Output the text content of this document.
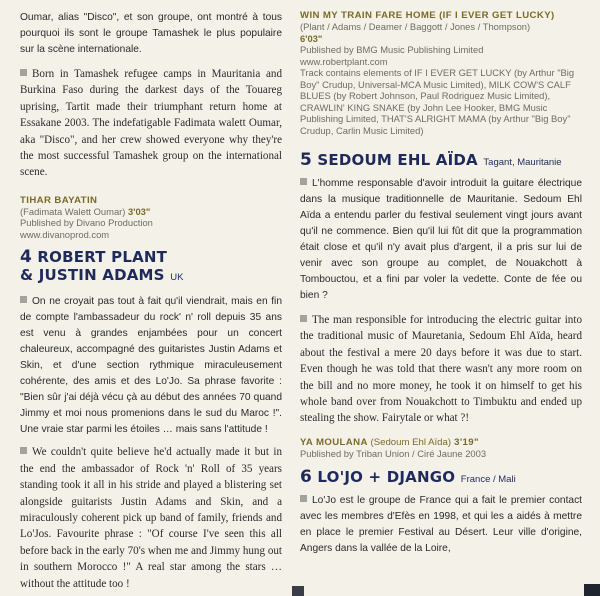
Oumar, alias "Disco", et son groupe, ont montré à tous pourquoi ils sont le groupe Tamashek le plus populaire sur la scène internationale.

Born in Tamashek refugee camps in Mauritania and Burkina Faso during the darkest days of the Touareg uprising, Tartit made their triumphant return home at Essakane 2003. The indefatigable Fadimata walett Oumar, aka "Disco", and her crew showed everyone why they're the most successful Tamashek group on the international scene.

TIHAR BAYATIN

(Fadimata Walett Oumar) 3'03"

Published by Divano Production

www.divanoprod.com

4 ROBERT PLANT

& JUSTIN ADAMS UK

On ne croyait pas tout à fait qu'il viendrait, mais en fin de compte l'ambassadeur du rock' n' roll depuis 35 ans est venu à grandes enjambées pour un concert chaleureux, accompagné des guitaristes Justin Adams et Skin, et d'une section rythmique miraculeusement cohérente, des amis et des Lo'Jo. Sa phrase favorite : "Bien sûr j'ai déjà vécu çà au début des années 70 quand Jimmy et moi nous promenions dans le sud du Maroc !". Une vraie star parmi les étoiles … mais sans l'attitude !

We couldn't quite believe he'd actually made it but in the end the ambassador of Rock 'n' Roll of 35 years standing took it all in his stride and played a blistering set alongside guitarists Justin Adams and Skin, and a miraculously coherent pick up band of family, friends and Lo'Jos. Favourite phrase : "Of course I've seen this all before back in the early 70's when me and Jimmy hung out in southern Morocco !" A real star among the stars … without the attitude too !

WIN MY TRAIN FARE HOME (IF I EVER GET LUCKY)

(Plant / Adams / Deamer / Baggott / Jones / Thompson)

6'03"

Published by BMG Music Publishing Limited

www.robertplant.com

Track contains elements of IF I EVER GET LUCKY (by Arthur "Big Boy" Crudup, Universal-MCA Music Limited), MILK COW'S CALF BLUES (by Robert Johnson, Paul Rodriguez Music Limited), CRAWLIN' KING SNAKE (by John Lee Hooker, BMG Music Publishing Limited, THAT'S ALRIGHT MAMA (by Arthur "Big Boy" Crudup, Carlin Music Limited)

5 SEDOUM EHL AÏDA Tagant, Mauritanie

L'homme responsable d'avoir introduit la guitare électrique dans la musique traditionnelle de Mauritanie. Sedoum Ehl Aïda a entendu parler du festival seulement vingt jours avant qu'il ne commence. Bien qu'il lui fût dit que la programmation était close et qu'il n'y avait plus d'argent, il a pris sur lui de venir avec son groupe au complet, de Nouakchott à Tombouctou, et a fini par voler la vedette. Conte de fée ou bien ?

The man responsible for introducing the electric guitar into the traditional music of Mauretania, Sedoum Ehl Aïda, heard about the festival a mere 20 days before it was due to start. Even though he was told that there wasn't any more room on the bill and no more money, he took it on himself to get his whole band over from Nouakchott to Timbuktu and ended up stealing the show. Fairytale or what ?!

YA MOULANA (Sedoum Ehl Aïda) 3'19"

Published by Triban Union / Ciré Jaune 2003

6 LO'JO + DJANGO France / Mali

Lo'Jo est le groupe de France qui a fait le premier contact avec les membres d'Efès en 1998, et qui les a aidés à mettre en place le premier Festival au Désert. Leur ville d'origine, Angers dans la vallée de la Loire,
